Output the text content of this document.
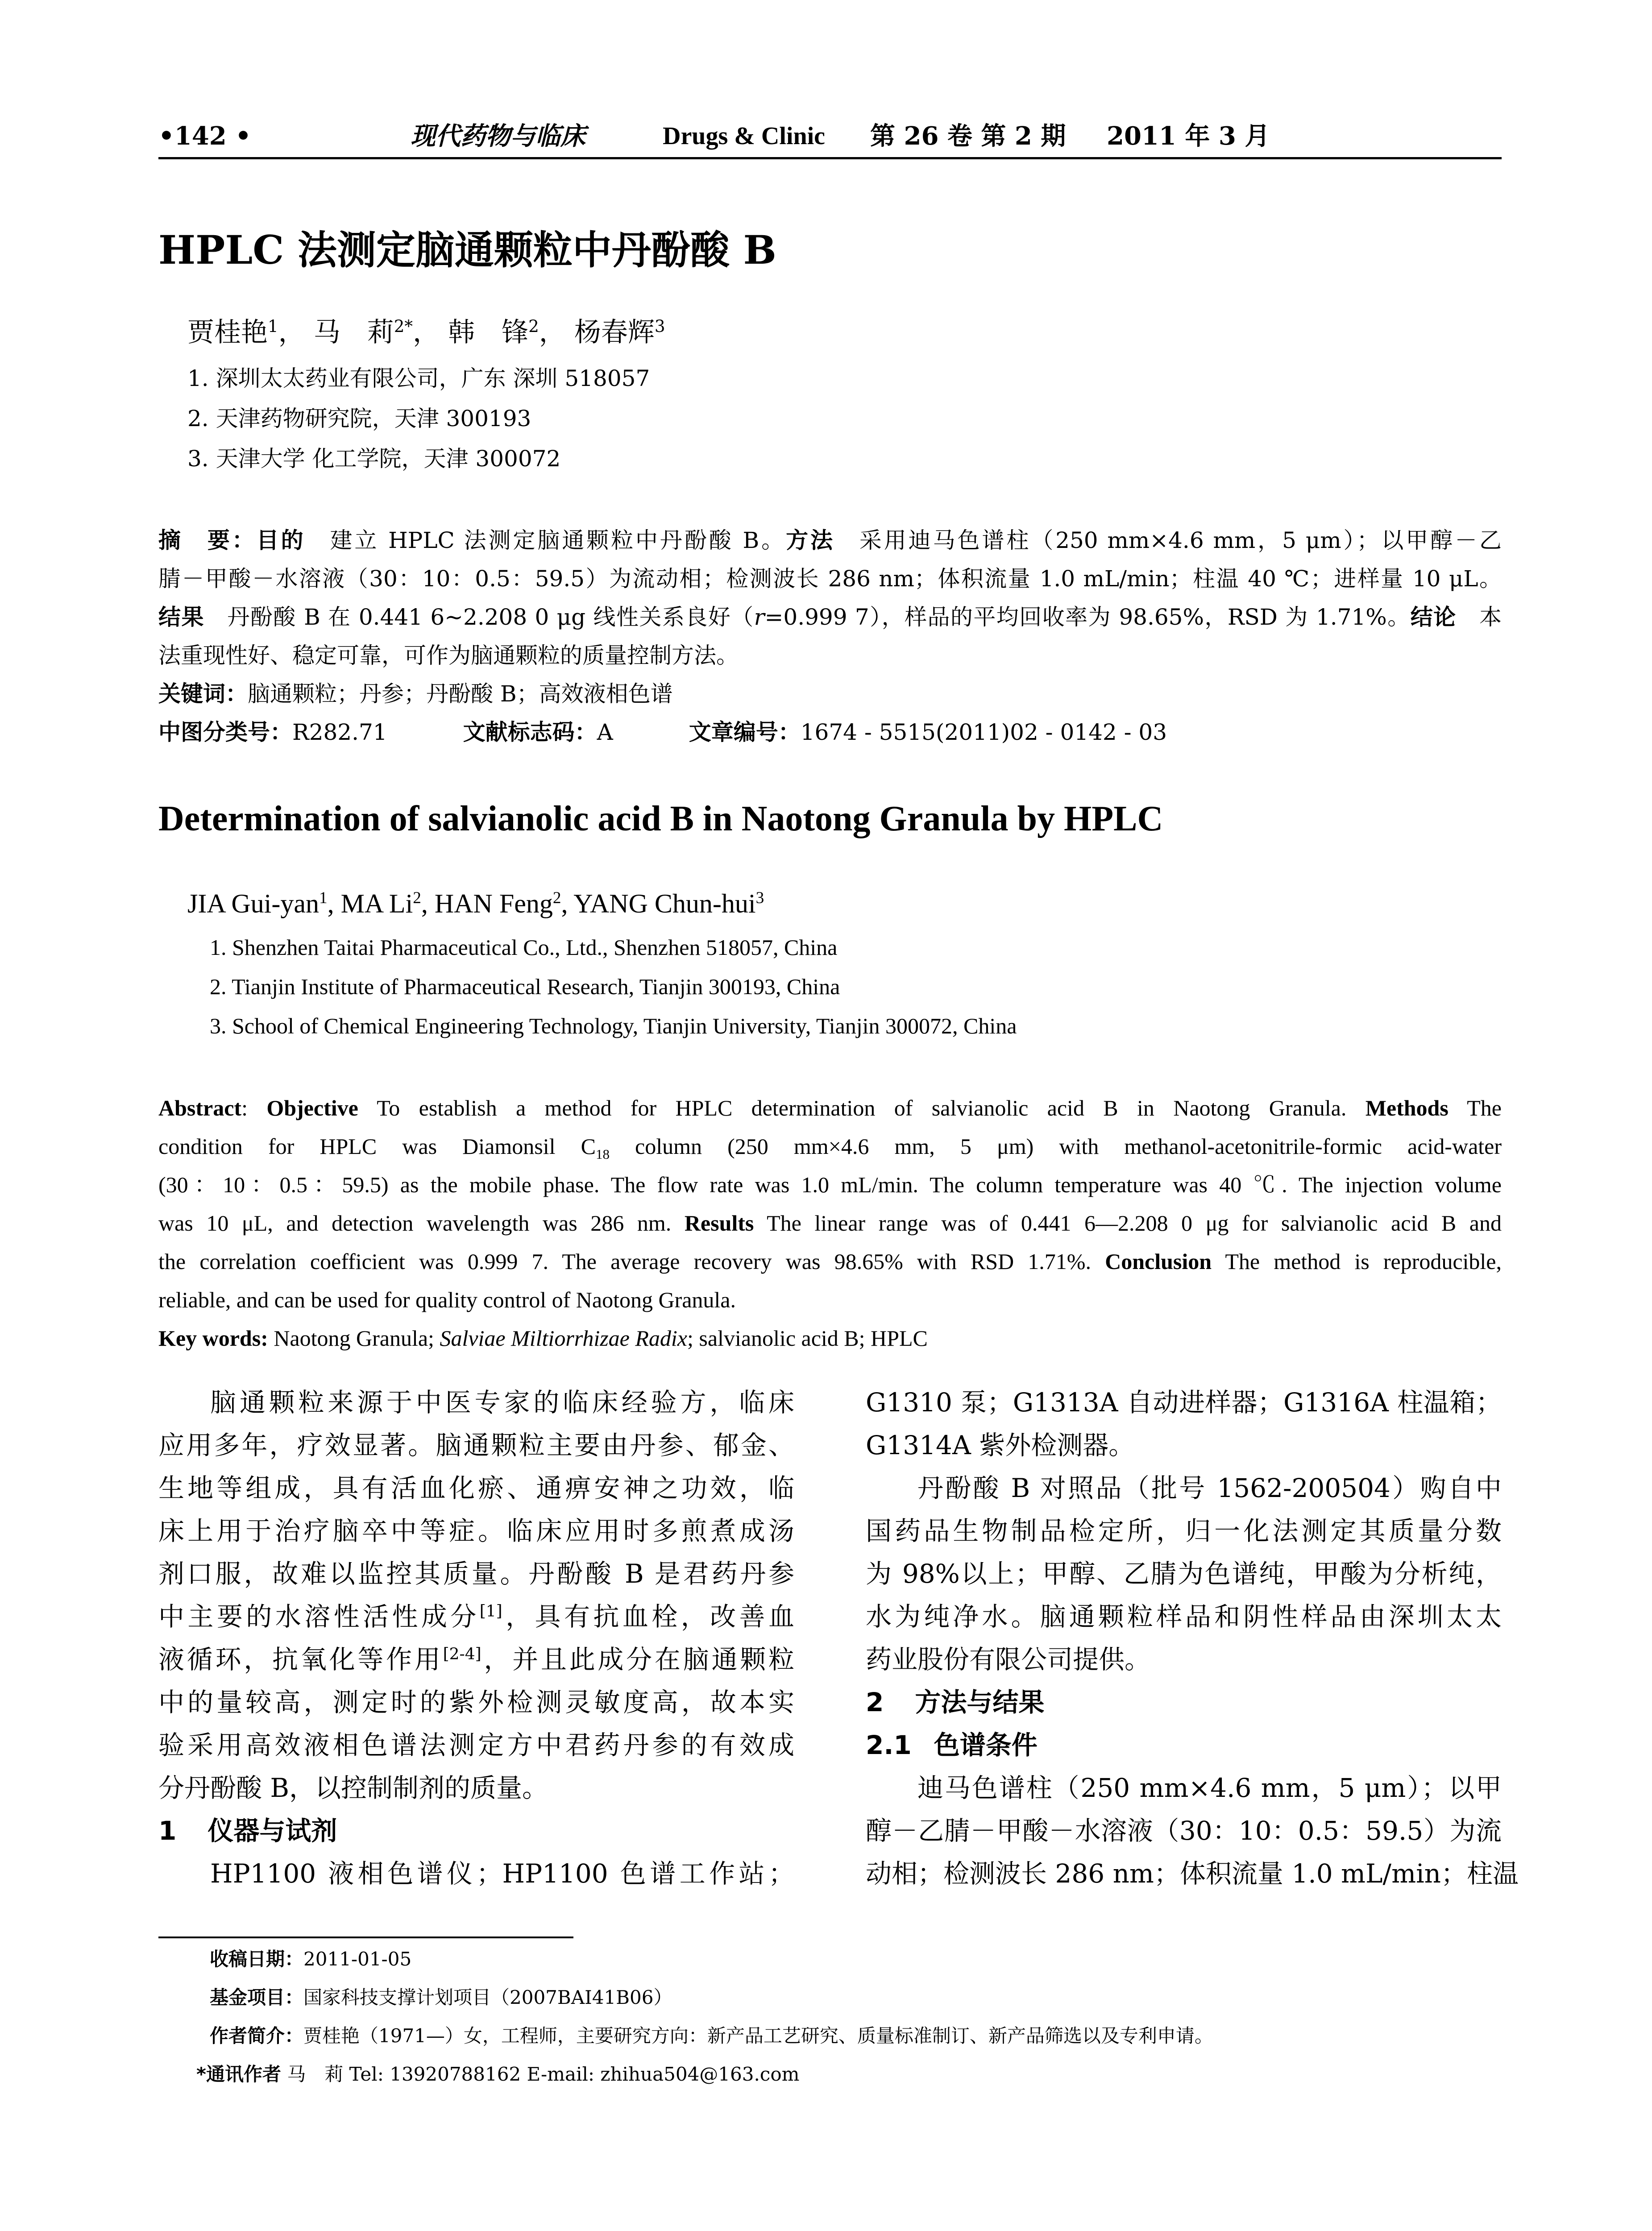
•142 •	现代药物与临床	Drugs & Clinic 第 26 卷 第 2 期 2011 年 3 月
HPLC 法测定脑通颗粒中丹酚酸 B
贾桂艳$^1$， 马　莉$^{2*}$， 韩　锋$^2$， 杨春辉$^3$
1. 深圳太太药业有限公司，广东 深圳 518057
2. 天津药物研究院，天津 300193
3. 天津大学 化工学院，天津 300072
摘　要：目的　 建立 HPLC 法测定脑通颗粒中丹酚酸 B。方法　 采用迪马色谱柱（250 mm×4.6 mm，5 μm）；以甲醇－乙
腈－甲酸－水溶液（30：10：0.5：59.5）为流动相；检测波长 286 nm；体积流量 1.0 mL/min；柱温 40 ℃；进样量 10 μL。
结果　 丹酚酸 B 在 0.441 6~2.208 0 μg 线性关系良好（r=0.999 7），样品的平均回收率为 98.65%，RSD 为 1.71%。结论　 本
法重现性好、稳定可靠，可作为脑通颗粒的质量控制方法。
关键词：脑通颗粒；丹参；丹酚酸 B；高效液相色谱
中图分类号：R282.71	文献标志码：A	文章编号：1674 - 5515(2011)02 - 0142 - 03
Determination of salvianolic acid B in Naotong Granula by HPLC
JIA Gui-yan$^1$, MA Li$^2$, HAN Feng$^2$, YANG Chun-hui$^3$
1. Shenzhen Taitai Pharmaceutical Co., Ltd., Shenzhen 518057, China
2. Tianjin Institute of Pharmaceutical Research, Tianjin 300193, China
3. School of Chemical Engineering Technology, Tianjin University, Tianjin 300072, China
Abstract: Objective To establish a method for HPLC determination of salvianolic acid B in Naotong Granula. Methods The
condition for HPLC was Diamonsil $C_{18}$ column (250 mm×4.6 mm, 5 μm) with methanol-acetonitrile-formic acid-water
(30：10：0.5：59.5) as the mobile phase. The flow rate was 1.0 mL/min. The column temperature was 40 ℃. The injection volume
was 10 μL, and detection wavelength was 286 nm. Results The linear range was of 0.441 6—2.208 0 μg for salvianolic acid B and
the correlation coefficient was 0.999 7. The average recovery was 98.65% with RSD 1.71%. Conclusion The method is reproducible,
reliable, and can be used for quality control of Naotong Granula.
Key words: Naotong Granula; Salviae Miltiorrhizae Radix; salvianolic acid B; HPLC
脑通颗粒来源于中医专家的临床经验方，临床
应用多年，疗效显著。脑通颗粒主要由丹参、郁金、
生地等组成，具有活血化瘀、通痹安神之功效，临
床上用于治疗脑卒中等症。临床应用时多煎煮成汤
剂口服，故难以监控其质量。丹酚酸 B 是君药丹参
中主要的水溶性活性成分[1]，具有抗血栓，改善血
液循环，抗氧化等作用[2-4]，并且此成分在脑通颗粒
中的量较高，测定时的紫外检测灵敏度高，故本实
验采用高效液相色谱法测定方中君药丹参的有效成
分丹酚酸 B，以控制制剂的质量。
1 仪器与试剂
HP1100 液相色谱仪；HP1100 色谱工作站；
G1310 泵；G1313A 自动进样器；G1316A 柱温箱；
G1314A 紫外检测器。
丹酚酸 B 对照品（批号 1562-200504）购自中
国药品生物制品检定所，归一化法测定其质量分数
为 98%以上；甲醇、乙腈为色谱纯，甲酸为分析纯，
水为纯净水。脑通颗粒样品和阴性样品由深圳太太
药业股份有限公司提供。
2 方法与结果
2.1 色谱条件
迪马色谱柱（250 mm×4.6 mm，5 μm）；以甲
醇－乙腈－甲酸－水溶液（30：10：0.5：59.5）为流
动相；检测波长 286 nm；体积流量 1.0 mL/min；柱温
收稿日期：2011-01-05
基金项目：国家科技支撑计划项目（2007BAI41B06）
作者简介：贾桂艳（1971—）女，工程师，主要研究方向：新产品工艺研究、质量标准制订、新产品筛选以及专利申请。
*通讯作者 马　莉 Tel: 13920788162 E-mail: zhihua504@163.com
